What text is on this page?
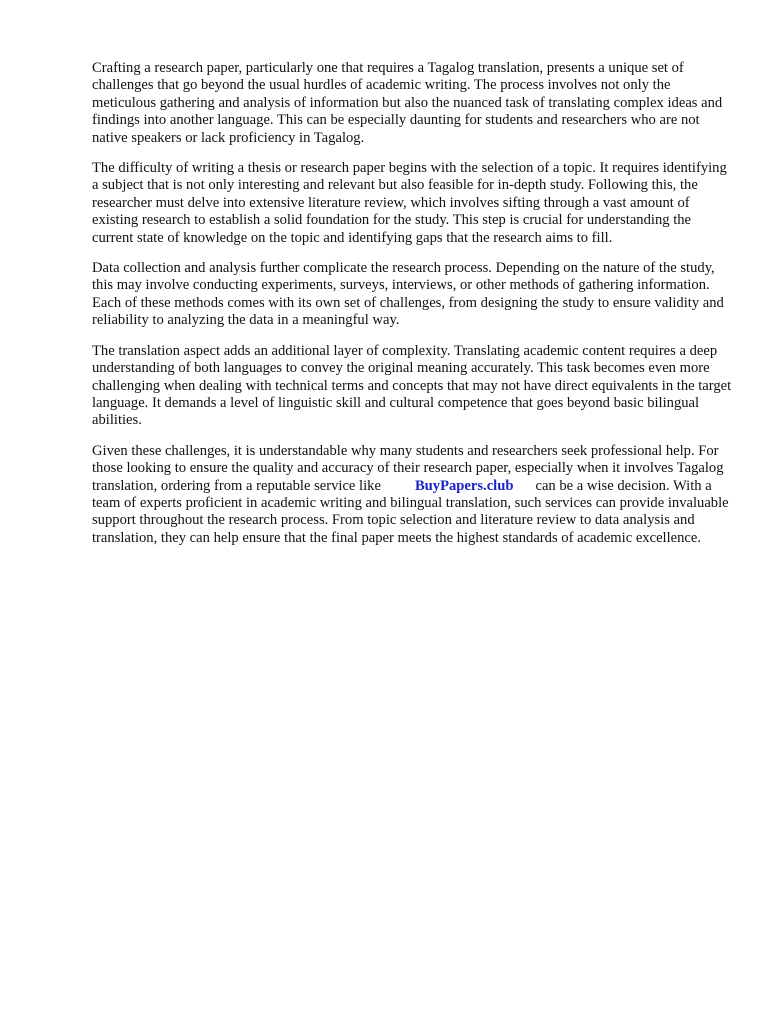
Crafting a research paper, particularly one that requires a Tagalog translation, presents a unique set of challenges that go beyond the usual hurdles of academic writing. The process involves not only the meticulous gathering and analysis of information but also the nuanced task of translating complex ideas and findings into another language. This can be especially daunting for students and researchers who are not native speakers or lack proficiency in Tagalog.

The difficulty of writing a thesis or research paper begins with the selection of a topic. It requires identifying a subject that is not only interesting and relevant but also feasible for in-depth study. Following this, the researcher must delve into extensive literature review, which involves sifting through a vast amount of existing research to establish a solid foundation for the study. This step is crucial for understanding the current state of knowledge on the topic and identifying gaps that the research aims to fill.

Data collection and analysis further complicate the research process. Depending on the nature of the study, this may involve conducting experiments, surveys, interviews, or other methods of gathering information. Each of these methods comes with its own set of challenges, from designing the study to ensure validity and reliability to analyzing the data in a meaningful way.

The translation aspect adds an additional layer of complexity. Translating academic content requires a deep understanding of both languages to convey the original meaning accurately. This task becomes even more challenging when dealing with technical terms and concepts that may not have direct equivalents in the target language. It demands a level of linguistic skill and cultural competence that goes beyond basic bilingual abilities.

Given these challenges, it is understandable why many students and researchers seek professional help. For those looking to ensure the quality and accuracy of their research paper, especially when it involves Tagalog translation, ordering from a reputable service like BuyPapers.club can be a wise decision. With a team of experts proficient in academic writing and bilingual translation, such services can provide invaluable support throughout the research process. From topic selection and literature review to data analysis and translation, they can help ensure that the final paper meets the highest standards of academic excellence.
